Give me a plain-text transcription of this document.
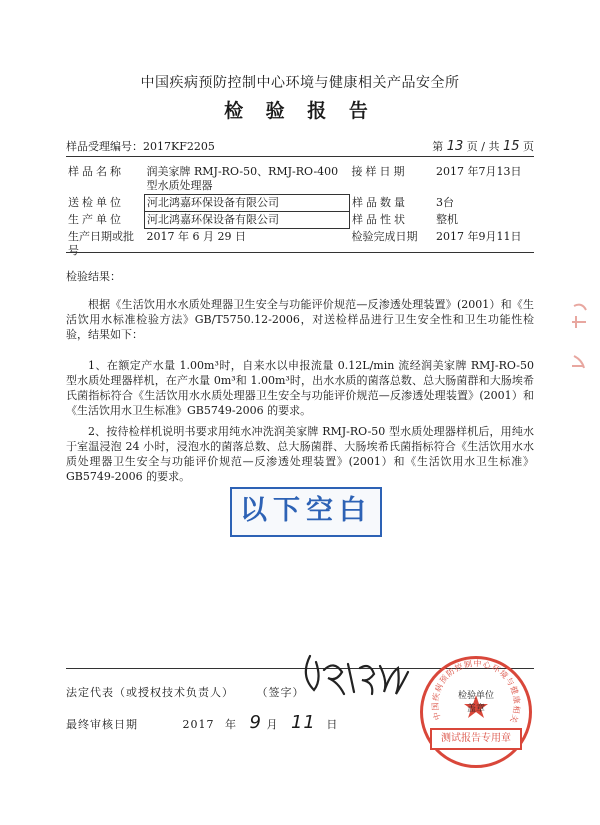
中国疾病预防控制中心环境与健康相关产品安全所
检 验 报 告
样品受理编号：2017KF2205	第 13 页 / 共 15 页
样品名称	润美家牌 RMJ-RO-50、RMJ-RO-400 型水质处理器	接样日期	2017 年7月13日
送检单位	河北鸿嘉环保设备有限公司	样品数量	3台
生产单位	河北鸿嘉环保设备有限公司	样品性状	整机
生产日期或批号	2017 年 6 月 29 日	检验完成日期	2017 年9月11日
检验结果：
根据《生活饮用水水质处理器卫生安全与功能评价规范—反渗透处理装置》(2001）和《生活饮用水标准检验方法》GB/T5750.12-2006，对送检样品进行卫生安全性和卫生功能性检验，结果如下：
1、在额定产水量 1.00m³时，自来水以申报流量 0.12L/min 流经润美家牌 RMJ-RO-50 型水质处理器样机，在产水量 0m³和 1.00m³时，出水水质的菌落总数、总大肠菌群和大肠埃希氏菌指标符合《生活饮用水水质处理器卫生安全与功能评价规范—反渗透处理装置》(2001）和《生活饮用水卫生标准》GB5749-2006 的要求。
2、按待检样机说明书要求用纯水冲洗润美家牌 RMJ-RO-50 型水质处理器样机后，用纯水于室温浸泡 24 小时，浸泡水的菌落总数、总大肠菌群、大肠埃希氏菌指标符合《生活饮用水水质处理器卫生安全与功能评价规范—反渗透处理装置》(2001）和《生活饮用水卫生标准》GB5749-2006 的要求。
以下空白
法定代表（或授权技术负责人） （签字）
最终审核日期	2017 年 9 月 11 日
中国疾病预防控制中心环境与健康相关
检验单位
盖章
测试报告专用章
